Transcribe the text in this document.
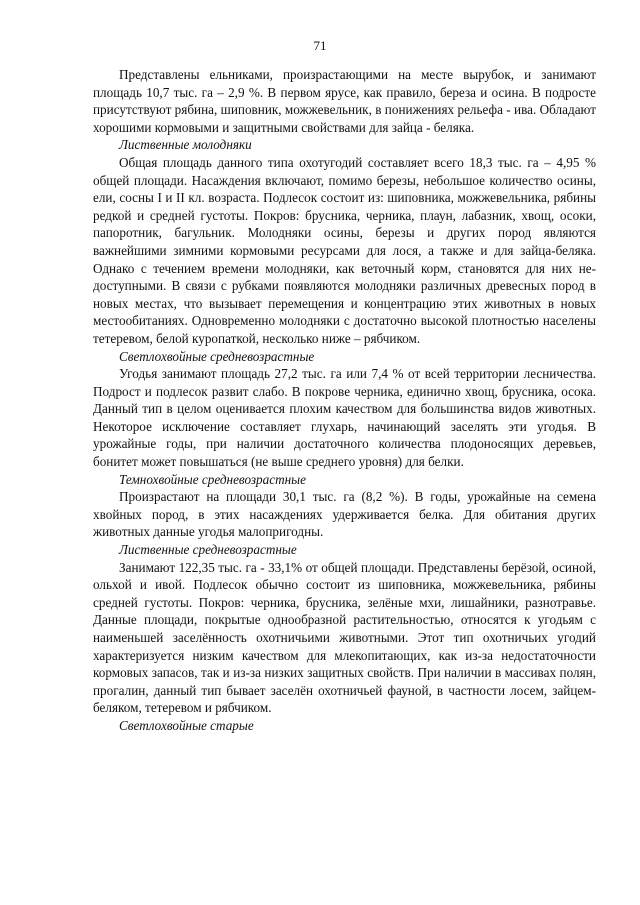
71

Представлены ельниками, произрастающими на месте вырубок, и занимают площадь 10,7 тыс. га – 2,9 %. В первом ярусе, как правило, береза и осина. В подросте присутствуют рябина, шиповник, можжевельник, в понижениях рельефа - ива. Обладают хорошими кормовыми и защитными свойствами для зайца - беляка.

Лиственные молодняки

Общая площадь данного типа охотугодий составляет всего 18,3 тыс. га – 4,95 % общей площади. Насаждения включают, помимо березы, небольшое количество осины, ели, сосны I и II кл. возраста. Подлесок состоит из: шиповника, можжевельника, рябины редкой и средней густоты. Покров: брусника, черника, плаун, лабазник, хвощ, осоки, папоротник, багульник. Молодняки осины, березы и других пород являются важнейшими зимними кормовыми ресурсами для лося, а также и для зайца-беляка. Однако с течением времени молодняки, как веточный корм, становятся для них не-доступными. В связи с рубками появляются молодняки различных древесных пород в новых местах, что вызывает перемещения и концентрацию этих животных в новых местообитаниях. Одновременно молодняки с достаточно высокой плотностью населены тетеревом, белой куропаткой, несколько ниже – рябчиком.

Светлохвойные средневозрастные

Угодья занимают площадь 27,2 тыс. га или 7,4 % от всей территории лесничества. Подрост и подлесок развит слабо. В покрове черника, единично хвощ, брусника, осока. Данный тип в целом оценивается плохим качеством для большинства видов животных. Некоторое исключение составляет глухарь, начинающий заселять эти угодья. В урожайные годы, при наличии достаточного количества плодоносящих деревьев, бонитет может повышаться (не выше среднего уровня) для белки.

Темнохвойные средневозрастные

Произрастают на площади 30,1 тыс. га (8,2 %). В годы, урожайные на семена хвойных пород, в этих насаждениях удерживается белка. Для обитания других животных данные угодья малопригодны.

Лиственные средневозрастные

Занимают 122,35 тыс. га - 33,1% от общей площади. Представлены берёзой, осиной, ольхой и ивой. Подлесок обычно состоит из шиповника, можжевельника, рябины средней густоты. Покров: черника, брусника, зелёные мхи, лишайники, разнотравье. Данные площади, покрытые однообразной растительностью, относятся к угодьям с наименьшей заселённость охотничьими животными. Этот тип охотничьих угодий характеризуется низким качеством для млекопитающих, как из-за недостаточности кормовых запасов, так и из-за низких защитных свойств. При наличии в массивах полян, прогалин, данный тип бывает заселён охотничьей фауной, в частности лосем, зайцем-беляком, тетеревом и рябчиком.

Светлохвойные старые
